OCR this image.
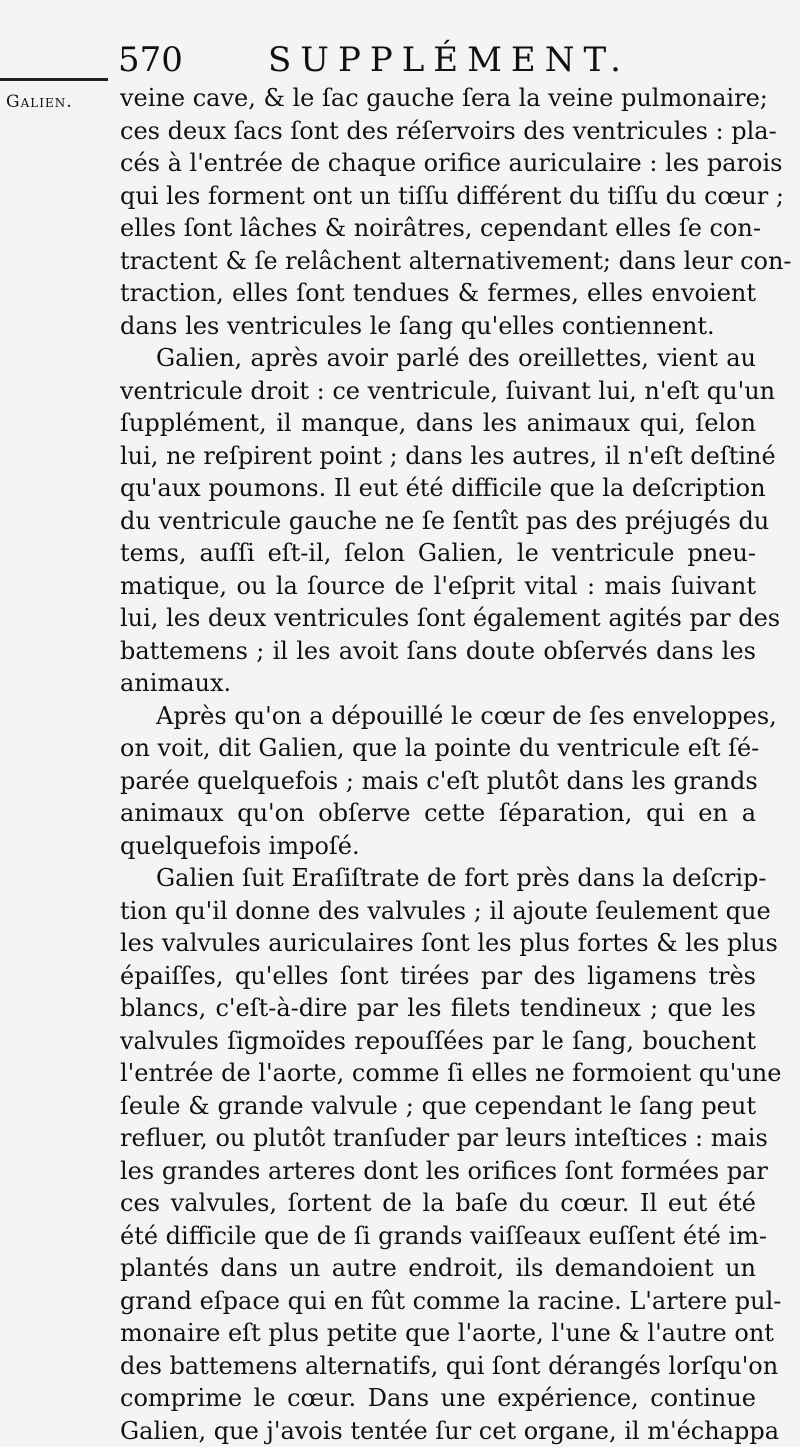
570	SUPPLÉMENT.
Galien. veine cave, & le ſac gauche ſera la veine pulmonaire;
ces deux ſacs ſont des réſervoirs des ventricules : pla-
cés à l'entrée de chaque orifice auriculaire : les parois
qui les forment ont un tiſſu différent du tiſſu du cœur ;
elles ſont lâches & noirâtres, cependant elles ſe con-
tractent & ſe relâchent alternativement; dans leur con-
traction, elles ſont tendues & fermes, elles envoient
dans les ventricules le ſang qu'elles contiennent.
Galien, après avoir parlé des oreillettes, vient au
ventricule droit : ce ventricule, ſuivant lui, n'eſt qu'un
ſupplément, il manque, dans les animaux qui, ſelon
lui, ne reſpirent point ; dans les autres, il n'eſt deſtiné
qu'aux poumons. Il eut été difficile que la deſcription
du ventricule gauche ne ſe ſentît pas des préjugés du
tems, auſſi eſt-il, ſelon Galien, le ventricule pneu-
matique, ou la ſource de l'eſprit vital : mais ſuivant
lui, les deux ventricules ſont également agités par des
battemens ; il les avoit ſans doute obſervés dans les
animaux.
Après qu'on a dépouillé le cœur de ſes enveloppes,
on voit, dit Galien, que la pointe du ventricule eſt ſé-
parée quelquefois ; mais c'eſt plutôt dans les grands
animaux qu'on obſerve cette ſéparation, qui en a
quelquefois impoſé.
Galien ſuit Eraſiſtrate de fort près dans la deſcrip-
tion qu'il donne des valvules ; il ajoute ſeulement que
les valvules auriculaires ſont les plus fortes & les plus
épaiſſes, qu'elles ſont tirées par des ligamens très
blancs, c'eſt-à-dire par les filets tendineux ; que les
valvules ſigmoïdes repouſſées par le ſang, bouchent
l'entrée de l'aorte, comme ſi elles ne formoient qu'une
ſeule & grande valvule ; que cependant le ſang peut
refluer, ou plutôt tranſuder par leurs inteſtices : mais
les grandes arteres dont les orifices ſont formées par
ces valvules, ſortent de la baſe du cœur. Il eut été
été difficile que de ſi grands vaiſſeaux euſſent été im-
plantés dans un autre endroit, ils demandoient un
grand eſpace qui en fût comme la racine. L'artere pul-
monaire eſt plus petite que l'aorte, l'une & l'autre ont
des battemens alternatifs, qui ſont dérangés lorſqu'on
comprime le cœur. Dans une expérience, continue
Galien, que j'avois tentée ſur cet organe, il m'échappa
